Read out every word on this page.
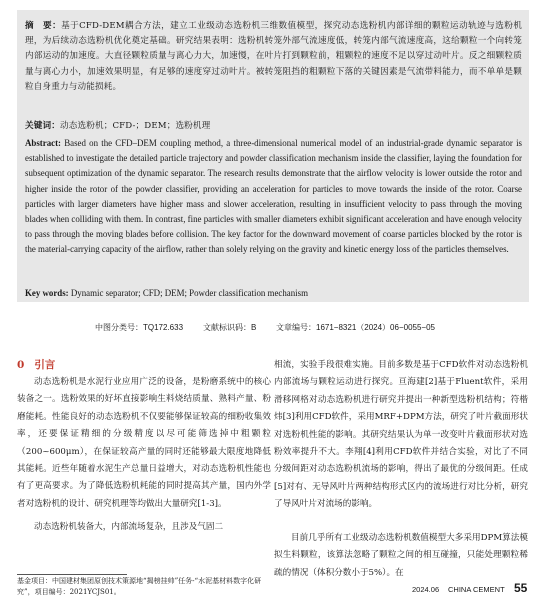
摘　要：基于CFD-DEM耦合方法，建立工业级动态选粉机三维数值模型，探究动态选粉机内部详细的颗粒运动轨迹与选粉机理，为后续动态选粉机优化奠定基础。研究结果表明：选粉机转笼外部气流速度低，转笼内部气流速度高，这给颗粒一个向转笼内部运动的加速度。大直径颗粒质量与离心力大，加速慢，在叶片打到颗粒前，粗颗粒的速度不足以穿过动叶片。反之细颗粒质量与离心力小，加速效果明显，有足够的速度穿过动叶片。被转笼阻挡的粗颗粒下落的关键因素是气流带料能力，而不单单是颗粒自身重力与动能损耗。

关键词：动态选粉机；CFD-；DEM；选粉机理

Abstract: Based on the CFD–DEM coupling method, a three-dimensional numerical model of an industrial-grade dynamic separator is established to investigate the detailed particle trajectory and powder classification mechanism inside the classifier, laying the foundation for subsequent optimization of the dynamic separator. The research results demonstrate that the airflow velocity is lower outside the rotor and higher inside the rotor of the powder classifier, providing an acceleration for particles to move towards the inside of the rotor. Coarse particles with larger diameters have higher mass and slower acceleration, resulting in insufficient velocity to pass through the moving blades when colliding with them. In contrast, fine particles with smaller diameters exhibit significant acceleration and have enough velocity to pass through the moving blades before collision. The key factor for the downward movement of coarse particles blocked by the rotor is the material-carrying capacity of the airflow, rather than solely relying on the gravity and kinetic energy loss of the particles themselves.

Key words: Dynamic separator; CFD; DEM; Powder classification mechanism

中图分类号：TQ172.633 文献标识码：B 文章编号：1671−8321（2024）06−0055−05
0 引言

动态选粉机是水泥行业应用广泛的设备，是粉磨系统中的核心装备之一。选粉效果的好坏直接影响生料烧结质量、熟料产量、粉磨能耗。性能良好的动态选粉机不仅要能够保证较高的细粉收集效率，还要保证精细的分级精度以尽可能筛选掉中粗颗粒（200~600μm），在保证较高产量的同时还能够最大限度地降低其能耗。近些年随着水泥生产总量日益增大，对动态选粉机性能也有了更高要求。为了降低选粉机耗能的同时提高其产量，国内外学者对选粉机的设计、研究机理等均做出大量研究[1-3]。

动态选粉机装备大，内部流场复杂，且涉及气固二

相流，实验手段很难实施。目前多数是基于CFD软件对动态选粉机内部流场与颗粒运动进行探究。亘海建[2]基于Fluent软件，采用滑移网格对动态选粉机进行研究并提出一种新型选粉机结构；符楷炜[3]利用CFD软件，采用MRF+DPM方法，研究了叶片截面形状对选粉机性能的影响。其研究结果认为单一改变叶片截面形状对选粉效率提升不大。李翔[4]利用CFD软件并结合实验，对比了不同分级间距对动态选粉机流场的影响，得出了最优的分级间距。任成[5]对有、无导风叶片两种结构形式区内的流场进行对比分析，研究了导风叶片对流场的影响。

目前几乎所有工业级动态选粉机数值模型大多采用DPM算法模拟生料颗粒，该算法忽略了颗粒之间的相互碰撞，只能处理颗粒稀疏的情况（体积分数小于5%）。在

基金项目：中国建材集团原创技术策源地“揭榜挂帅”任务-“水泥基材料数字化研究”，项目编号：2021YCJS01。	2024.06 CHINA CEMENT 55
